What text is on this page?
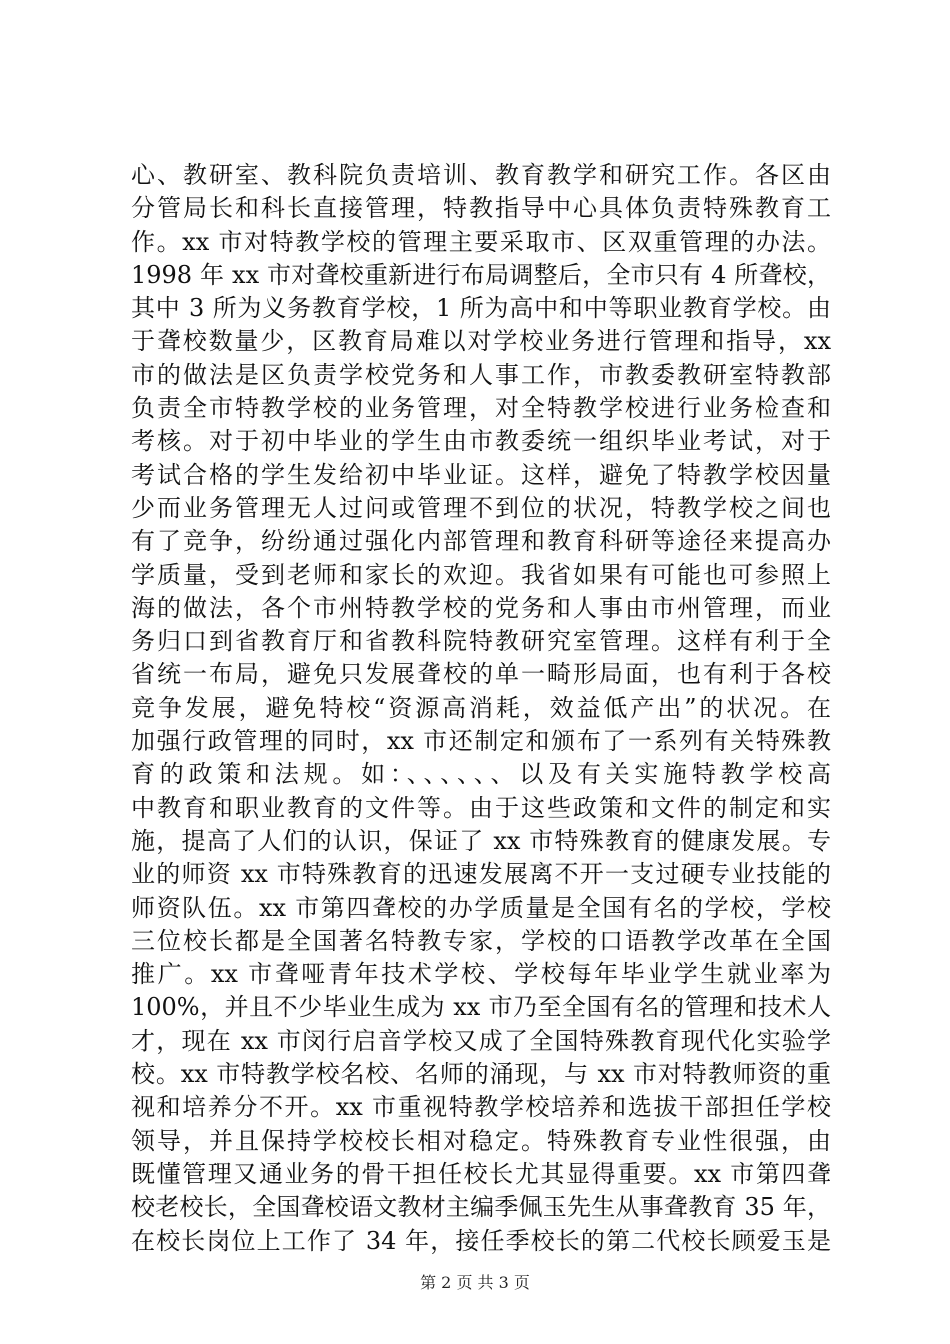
心、教研室、教科院负责培训、教育教学和研究工作。各区由
分管局长和科长直接管理，特教指导中心具体负责特殊教育工
作。xx 市对特教学校的管理主要采取市、区双重管理的办法。
1998 年 xx 市对聋校重新进行布局调整后，全市只有 4 所聋校，
其中 3 所为义务教育学校，1 所为高中和中等职业教育学校。由
于聋校数量少，区教育局难以对学校业务进行管理和指导，xx
市的做法是区负责学校党务和人事工作，市教委教研室特教部
负责全市特教学校的业务管理，对全特教学校进行业务检查和
考核。对于初中毕业的学生由市教委统一组织毕业考试，对于
考试合格的学生发给初中毕业证。这样，避免了特教学校因量
少而业务管理无人过问或管理不到位的状况，特教学校之间也
有了竞争，纷纷通过强化内部管理和教育科研等途径来提高办
学质量，受到老师和家长的欢迎。我省如果有可能也可参照上
海的做法，各个市州特教学校的党务和人事由市州管理，而业
务归口到省教育厅和省教科院特教研究室管理。这样有利于全
省统一布局，避免只发展聋校的单一畸形局面，也有利于各校
竞争发展，避免特校“资源高消耗，效益低产出”的状况。在
加强行政管理的同时，xx 市还制定和颁布了一系列有关特殊教
育的政策和法规。如：、、、、、、以及有关实施特教学校高
中教育和职业教育的文件等。由于这些政策和文件的制定和实
施，提高了人们的认识，保证了 xx 市特殊教育的健康发展。专
业的师资 xx 市特殊教育的迅速发展离不开一支过硬专业技能的
师资队伍。xx 市第四聋校的办学质量是全国有名的学校，学校
三位校长都是全国著名特教专家，学校的口语教学改革在全国
推广。xx 市聋哑青年技术学校、学校每年毕业学生就业率为
100%，并且不少毕业生成为 xx 市乃至全国有名的管理和技术人
才，现在 xx 市闵行启音学校又成了全国特殊教育现代化实验学
校。xx 市特教学校名校、名师的涌现，与 xx 市对特教师资的重
视和培养分不开。xx 市重视特教学校培养和选拔干部担任学校
领导，并且保持学校校长相对稳定。特殊教育专业性很强，由
既懂管理又通业务的骨干担任校长尤其显得重要。xx 市第四聋
校老校长，全国聋校语文教材主编季佩玉先生从事聋教育 35 年，
在校长岗位上工作了 34 年，接任季校长的第二代校长顾爱玉是
第 2 页 共 3 页
